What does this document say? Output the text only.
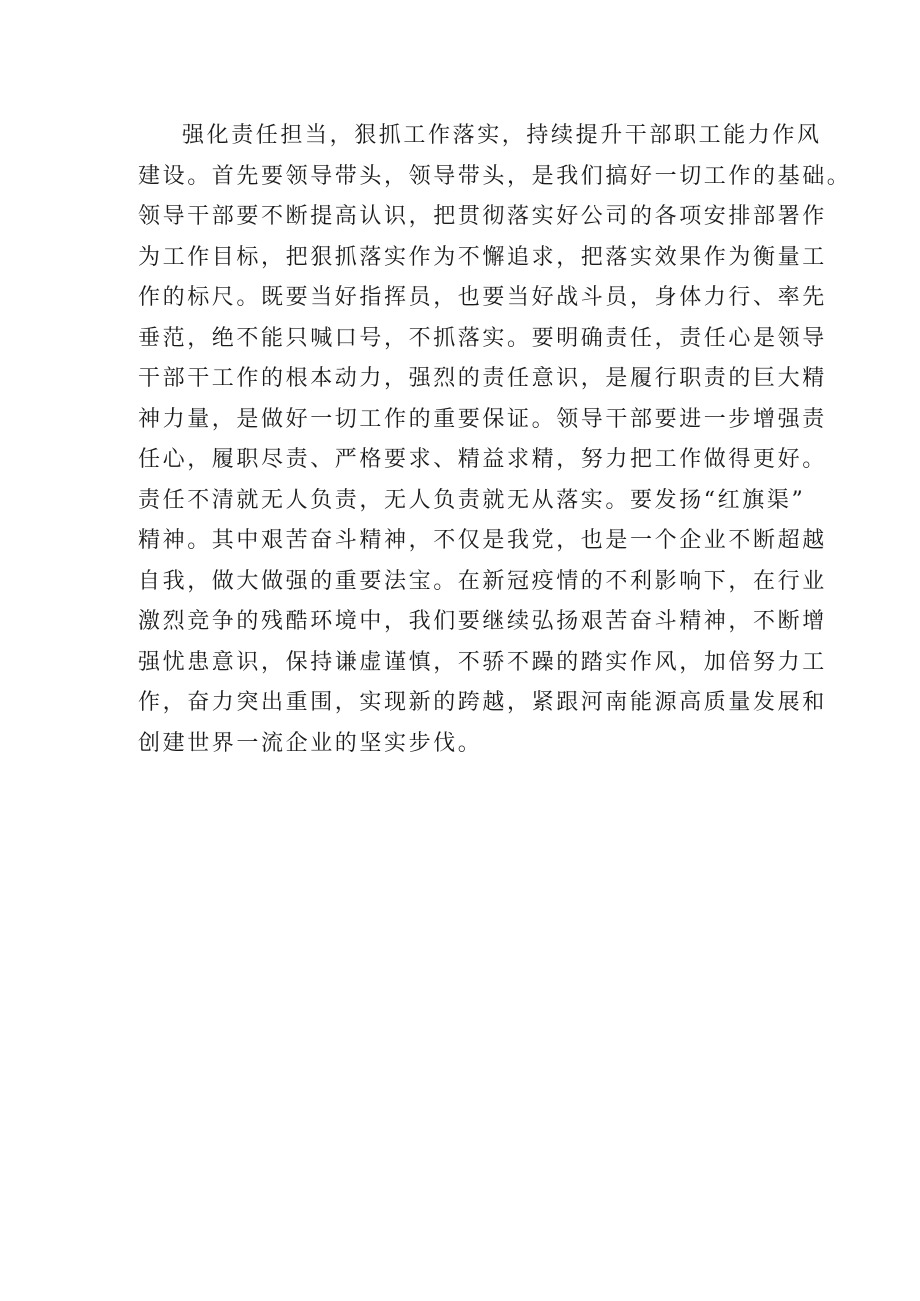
强化责任担当，狠抓工作落实，持续提升干部职工能力作风
建设。首先要领导带头，领导带头，是我们搞好一切工作的基础。
领导干部要不断提高认识，把贯彻落实好公司的各项安排部署作
为工作目标，把狠抓落实作为不懈追求，把落实效果作为衡量工
作的标尺。既要当好指挥员，也要当好战斗员，身体力行、率先
垂范，绝不能只喊口号，不抓落实。要明确责任，责任心是领导
干部干工作的根本动力，强烈的责任意识，是履行职责的巨大精
神力量，是做好一切工作的重要保证。领导干部要进一步增强责
任心，履职尽责、严格要求、精益求精，努力把工作做得更好。
责任不清就无人负责，无人负责就无从落实。要发扬“红旗渠”
精神。其中艰苦奋斗精神，不仅是我党，也是一个企业不断超越
自我，做大做强的重要法宝。在新冠疫情的不利影响下，在行业
激烈竞争的残酷环境中，我们要继续弘扬艰苦奋斗精神，不断增
强忧患意识，保持谦虚谨慎，不骄不躁的踏实作风，加倍努力工
作，奋力突出重围，实现新的跨越，紧跟河南能源高质量发展和
创建世界一流企业的坚实步伐。
